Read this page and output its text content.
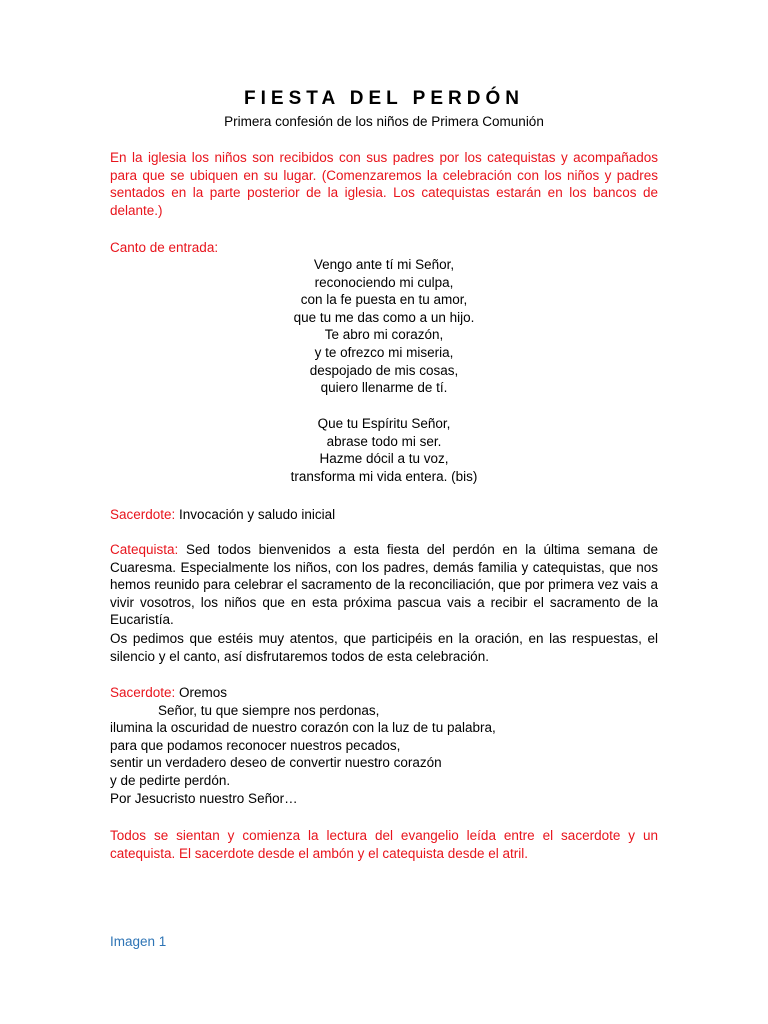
FIESTA DEL PERDÓN
Primera confesión de los niños de Primera Comunión
En la iglesia los niños son recibidos con sus padres por los catequistas y acompañados para que se ubiquen en su lugar. (Comenzaremos la celebración con los niños y padres sentados en la parte posterior de la iglesia. Los catequistas estarán en los bancos de delante.)
Canto de entrada:
Vengo ante tí mi Señor,
reconociendo mi culpa,
con la fe puesta en tu amor,
que tu me das como a un hijo.
Te abro mi corazón,
y te ofrezco mi miseria,
despojado de mis cosas,
quiero llenarme de tí.
Que tu Espíritu Señor,
abrase todo mi ser.
Hazme dócil a tu voz,
transforma mi vida entera. (bis)
Sacerdote: Invocación y saludo inicial
Catequista: Sed todos bienvenidos a esta fiesta del perdón en la última semana de Cuaresma. Especialmente los niños, con los padres, demás familia y catequistas, que nos hemos reunido para celebrar el sacramento de la reconciliación, que por primera vez vais a vivir vosotros, los niños que en esta próxima pascua vais a recibir el sacramento de la Eucaristía.
Os pedimos que estéis muy atentos, que participéis en la oración, en las respuestas, el silencio y el canto, así disfrutaremos todos de esta celebración.
Sacerdote: Oremos
Señor, tu que siempre nos perdonas,
ilumina la oscuridad de nuestro corazón con la luz de tu palabra,
para que podamos reconocer nuestros pecados,
sentir un verdadero deseo de convertir nuestro corazón
y de pedirte perdón.
Por Jesucristo nuestro Señor…
Todos se sientan y comienza la lectura del evangelio leída entre el sacerdote y un catequista. El sacerdote desde el ambón y el catequista desde el atril.
Imagen 1
